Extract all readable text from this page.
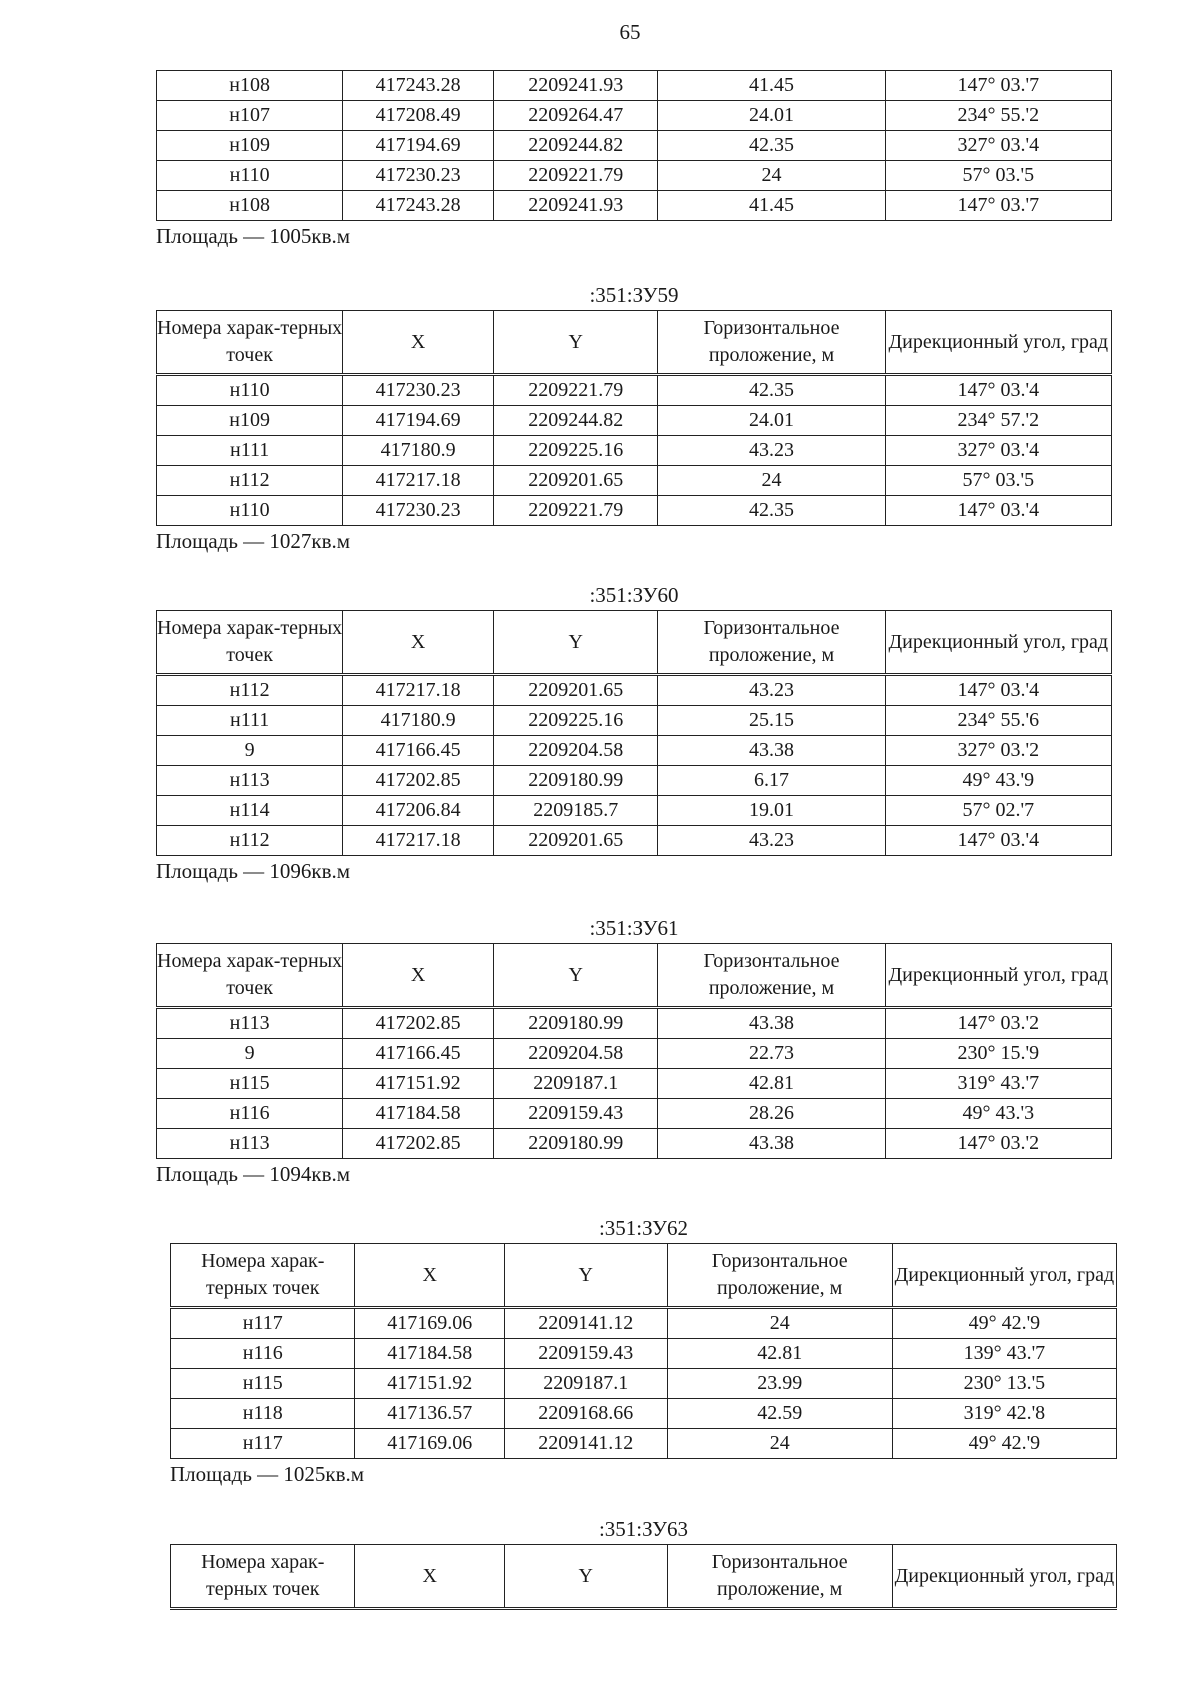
65
н108	417243.28	2209241.93	41.45	147° 03.'7
н107	417208.49	2209264.47	24.01	234° 55.'2
н109	417194.69	2209244.82	42.35	327° 03.'4
н110	417230.23	2209221.79	24	57° 03.'5
н108	417243.28	2209241.93	41.45	147° 03.'7
Площадь — 1005кв.м
:351:ЗУ59
Номера харак-терных точек	X	Y	Горизонтальное проложение, м	Дирекционный угол, град
н110	417230.23	2209221.79	42.35	147° 03.'4
н109	417194.69	2209244.82	24.01	234° 57.'2
н111	417180.9	2209225.16	43.23	327° 03.'4
н112	417217.18	2209201.65	24	57° 03.'5
н110	417230.23	2209221.79	42.35	147° 03.'4
Площадь — 1027кв.м
:351:ЗУ60
Номера харак-терных точек	X	Y	Горизонтальное проложение, м	Дирекционный угол, град
н112	417217.18	2209201.65	43.23	147° 03.'4
н111	417180.9	2209225.16	25.15	234° 55.'6
9	417166.45	2209204.58	43.38	327° 03.'2
н113	417202.85	2209180.99	6.17	49° 43.'9
н114	417206.84	2209185.7	19.01	57° 02.'7
н112	417217.18	2209201.65	43.23	147° 03.'4
Площадь — 1096кв.м
:351:ЗУ61
Номера харак-терных точек	X	Y	Горизонтальное проложение, м	Дирекционный угол, град
н113	417202.85	2209180.99	43.38	147° 03.'2
9	417166.45	2209204.58	22.73	230° 15.'9
н115	417151.92	2209187.1	42.81	319° 43.'7
н116	417184.58	2209159.43	28.26	49° 43.'3
н113	417202.85	2209180.99	43.38	147° 03.'2
Площадь — 1094кв.м
:351:ЗУ62
Номера харак-терных точек	X	Y	Горизонтальное проложение, м	Дирекционный угол, град
н117	417169.06	2209141.12	24	49° 42.'9
н116	417184.58	2209159.43	42.81	139° 43.'7
н115	417151.92	2209187.1	23.99	230° 13.'5
н118	417136.57	2209168.66	42.59	319° 42.'8
н117	417169.06	2209141.12	24	49° 42.'9
Площадь — 1025кв.м
:351:ЗУ63
Номера харак-терных точек	X	Y	Горизонтальное проложение, м	Дирекционный угол, град
